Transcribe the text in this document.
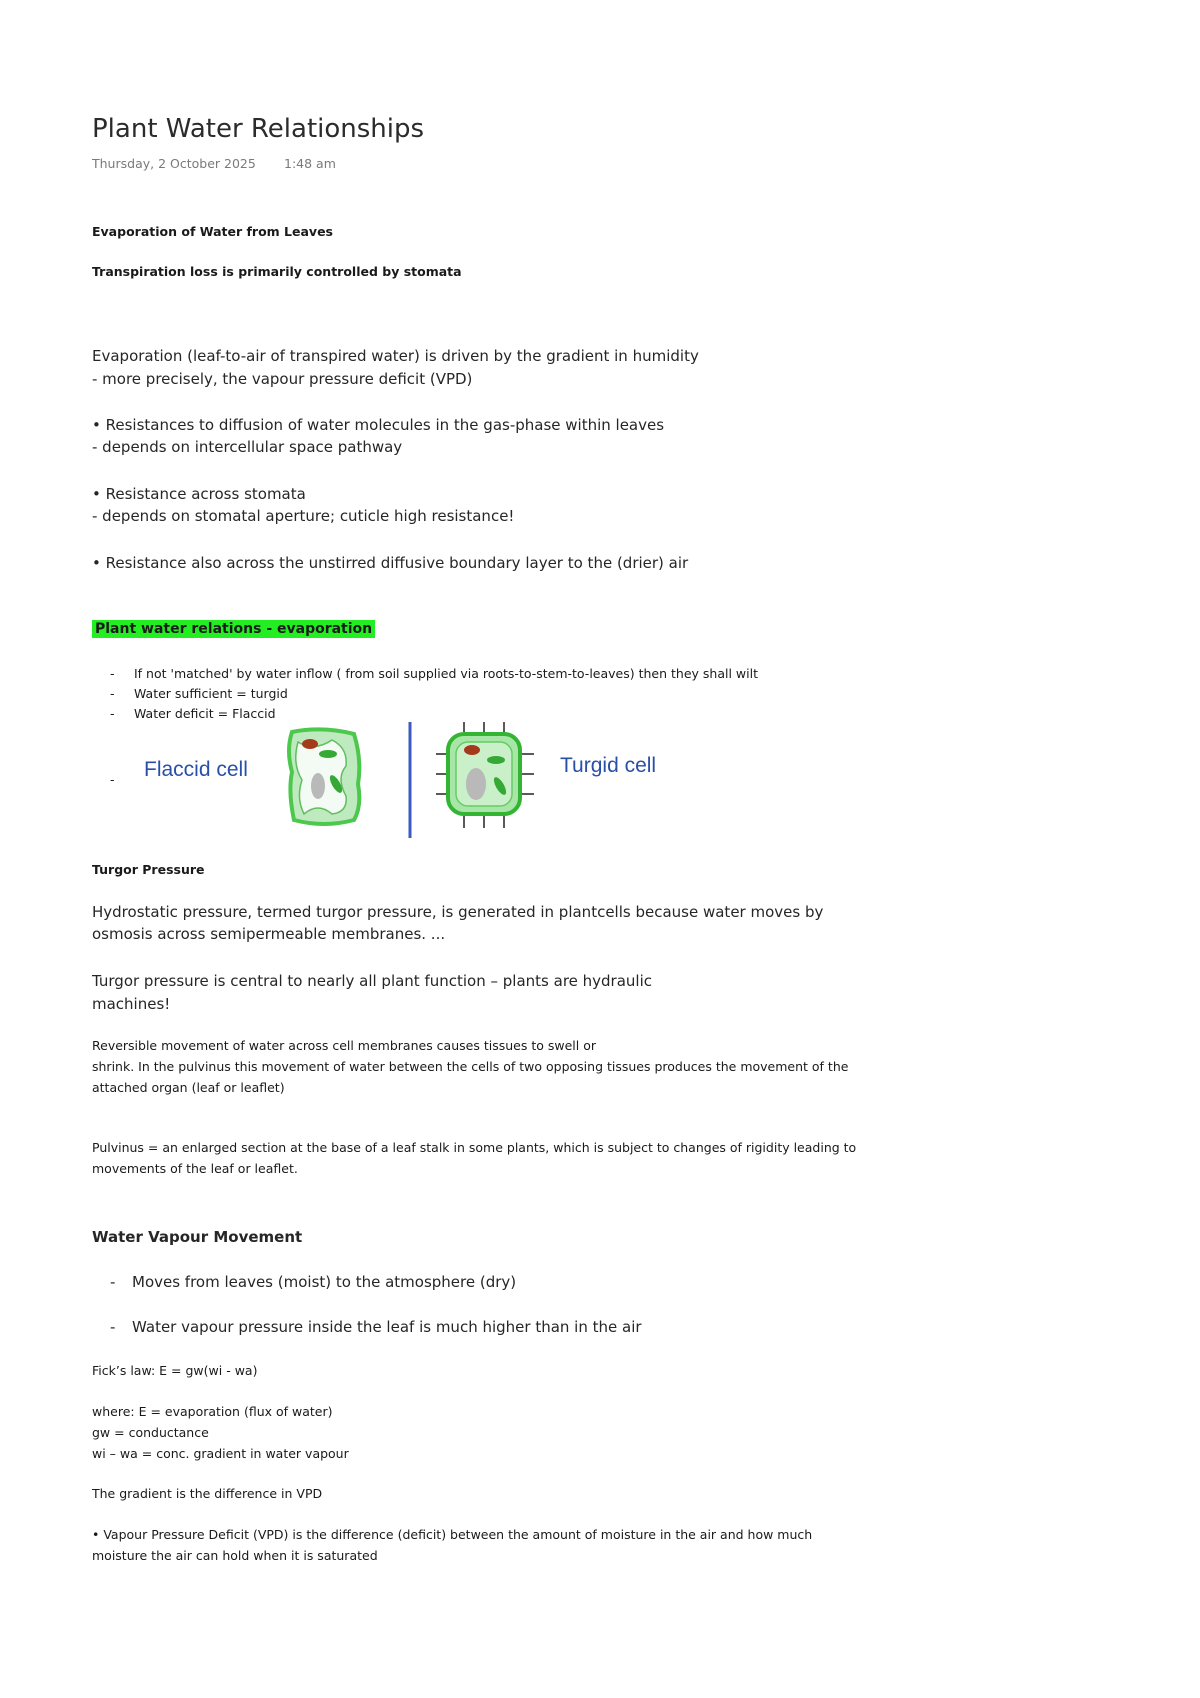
Plant Water Relationships
Thursday, 2 October 2025 1:48 am
Evaporation of Water from Leaves
Transpiration loss is primarily controlled by stomata
Evaporation (leaf-to-air of transpired water) is driven by the gradient in humidity
- more precisely, the vapour pressure deficit (VPD)
• Resistances to diffusion of water molecules in the gas-phase within leaves
- depends on intercellular space pathway
• Resistance across stomata
- depends on stomatal aperture; cuticle high resistance!
• Resistance also across the unstirred diffusive boundary layer to the (drier) air
Plant water relations - evaporation
- If not 'matched' by water inflow ( from soil supplied via roots-to-stem-to-leaves) then they shall wilt
- Water sufficient = turgid
- Water deficit = Flaccid
- Flaccid cell	Turgid cell
Turgor Pressure
Hydrostatic pressure, termed turgor pressure, is generated in plantcells because water moves by
osmosis across semipermeable membranes. ...
Turgor pressure is central to nearly all plant function – plants are hydraulic
machines!
Reversible movement of water across cell membranes causes tissues to swell or
shrink. In the pulvinus this movement of water between the cells of two opposing tissues produces the movement of the
attached organ (leaf or leaflet)
Pulvinus = an enlarged section at the base of a leaf stalk in some plants, which is subject to changes of rigidity leading to
movements of the leaf or leaflet.
Water Vapour Movement
- Moves from leaves (moist) to the atmosphere (dry)
- Water vapour pressure inside the leaf is much higher than in the air
Fick’s law: E = gw(wi - wa)
where: E = evaporation (flux of water)
gw = conductance
wi – wa = conc. gradient in water vapour
The gradient is the difference in VPD
• Vapour Pressure Deficit (VPD) is the difference (deficit) between the amount of moisture in the air and how much
moisture the air can hold when it is saturated
